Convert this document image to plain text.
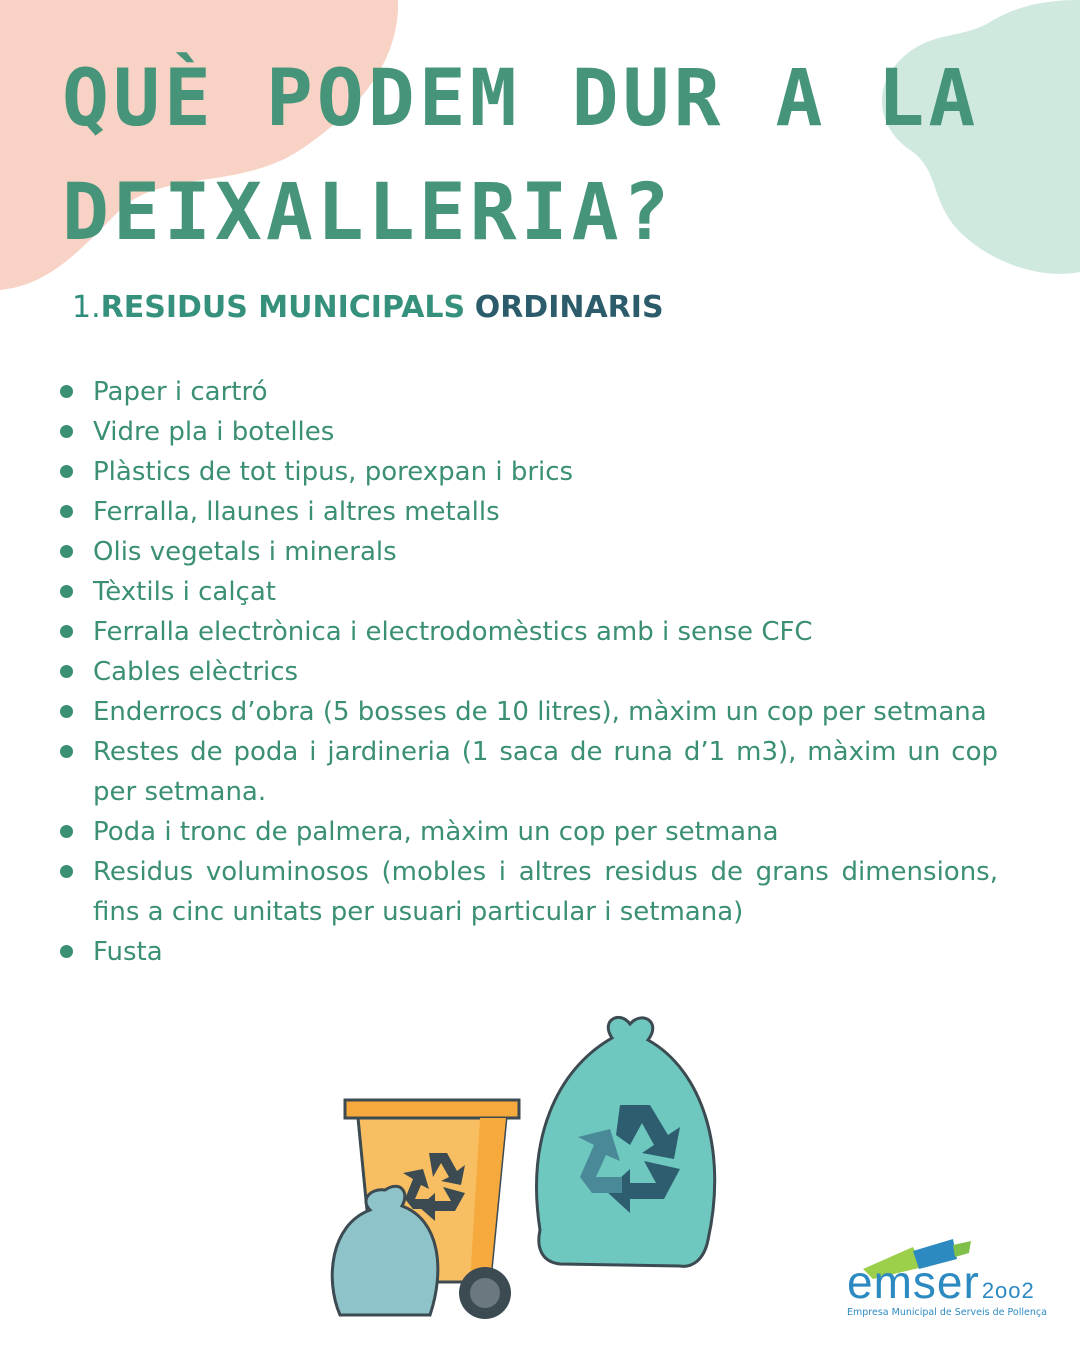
QUÈ PODEM DUR A LA
DEIXALLERIA?
1.RESIDUS MUNICIPALS ORDINARIS
Paper i cartró
Vidre pla i botelles
Plàstics de tot tipus, porexpan i brics
Ferralla, llaunes i altres metalls
Olis vegetals i minerals
Tèxtils i calçat
Ferralla electrònica i electrodomèstics amb i sense CFC
Cables elèctrics
Enderrocs d’obra (5 bosses de 10 litres), màxim un cop per setmana
Restes de poda i jardineria (1 saca de runa d’1 m3), màxim un cop per setmana.
Poda i tronc de palmera, màxim un cop per setmana
Residus voluminosos (mobles i altres residus de grans dimensions, fins a cinc unitats per usuari particular i setmana)
Fusta
emser2oo2
Empresa Municipal de Serveis de Pollença
